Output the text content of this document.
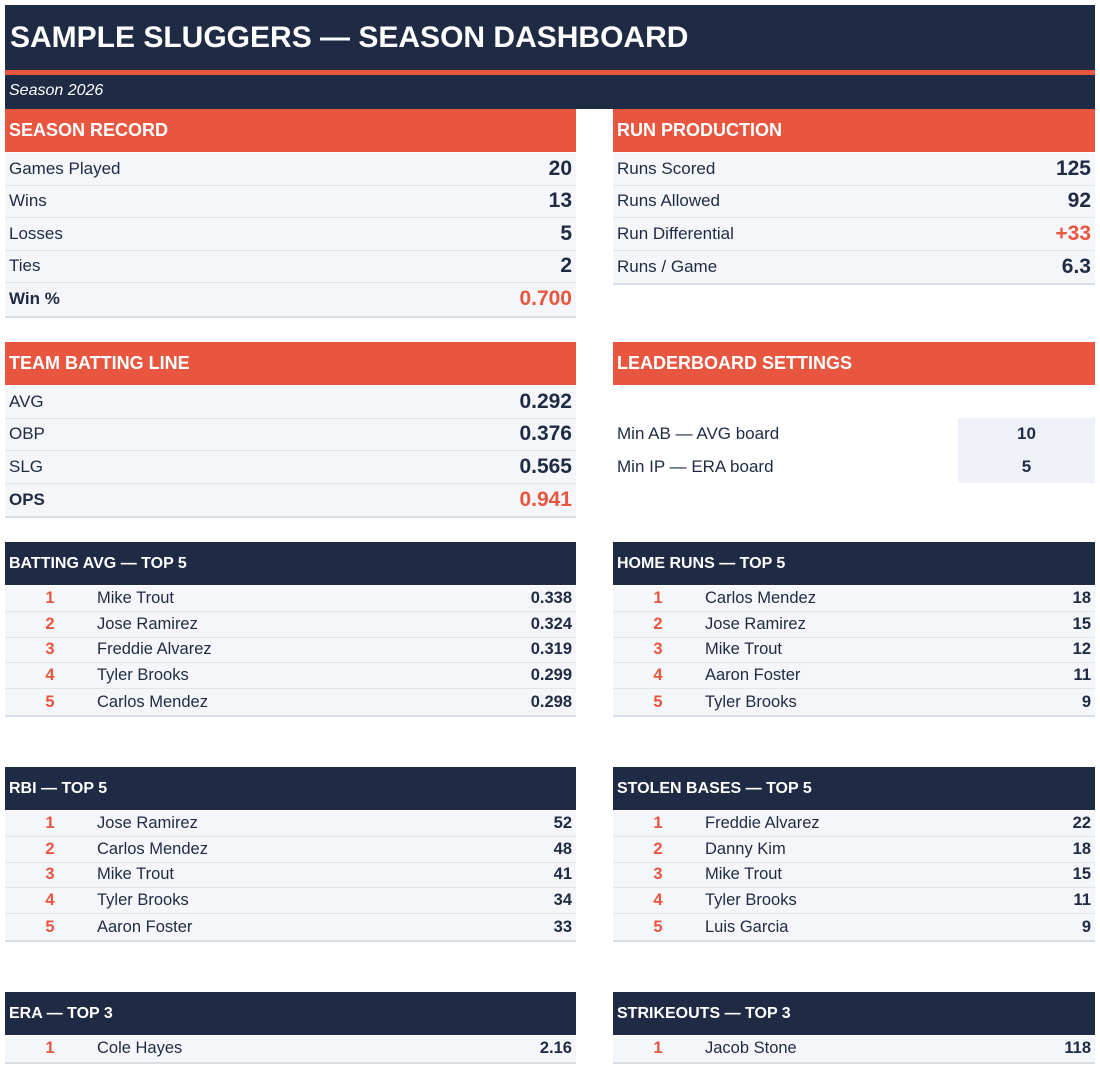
SAMPLE SLUGGERS — SEASON DASHBOARD
Season 2026
SEASON RECORD
Games Played	20
Wins	13
Losses	5
Ties	2
Win %	0.700
RUN PRODUCTION
Runs Scored	125
Runs Allowed	92
Run Differential	+33
Runs / Game	6.3
TEAM BATTING LINE
AVG	0.292
OBP	0.376
SLG	0.565
OPS	0.941
LEADERBOARD SETTINGS
Min AB — AVG board	10
Min IP — ERA board	5
BATTING AVG — TOP 5
1	Mike Trout	0.338
2	Jose Ramirez	0.324
3	Freddie Alvarez	0.319
4	Tyler Brooks	0.299
5	Carlos Mendez	0.298
HOME RUNS — TOP 5
1	Carlos Mendez	18
2	Jose Ramirez	15
3	Mike Trout	12
4	Aaron Foster	11
5	Tyler Brooks	9
RBI — TOP 5
1	Jose Ramirez	52
2	Carlos Mendez	48
3	Mike Trout	41
4	Tyler Brooks	34
5	Aaron Foster	33
STOLEN BASES — TOP 5
1	Freddie Alvarez	22
2	Danny Kim	18
3	Mike Trout	15
4	Tyler Brooks	11
5	Luis Garcia	9
ERA — TOP 3
1	Cole Hayes	2.16
STRIKEOUTS — TOP 3
1	Jacob Stone	118
